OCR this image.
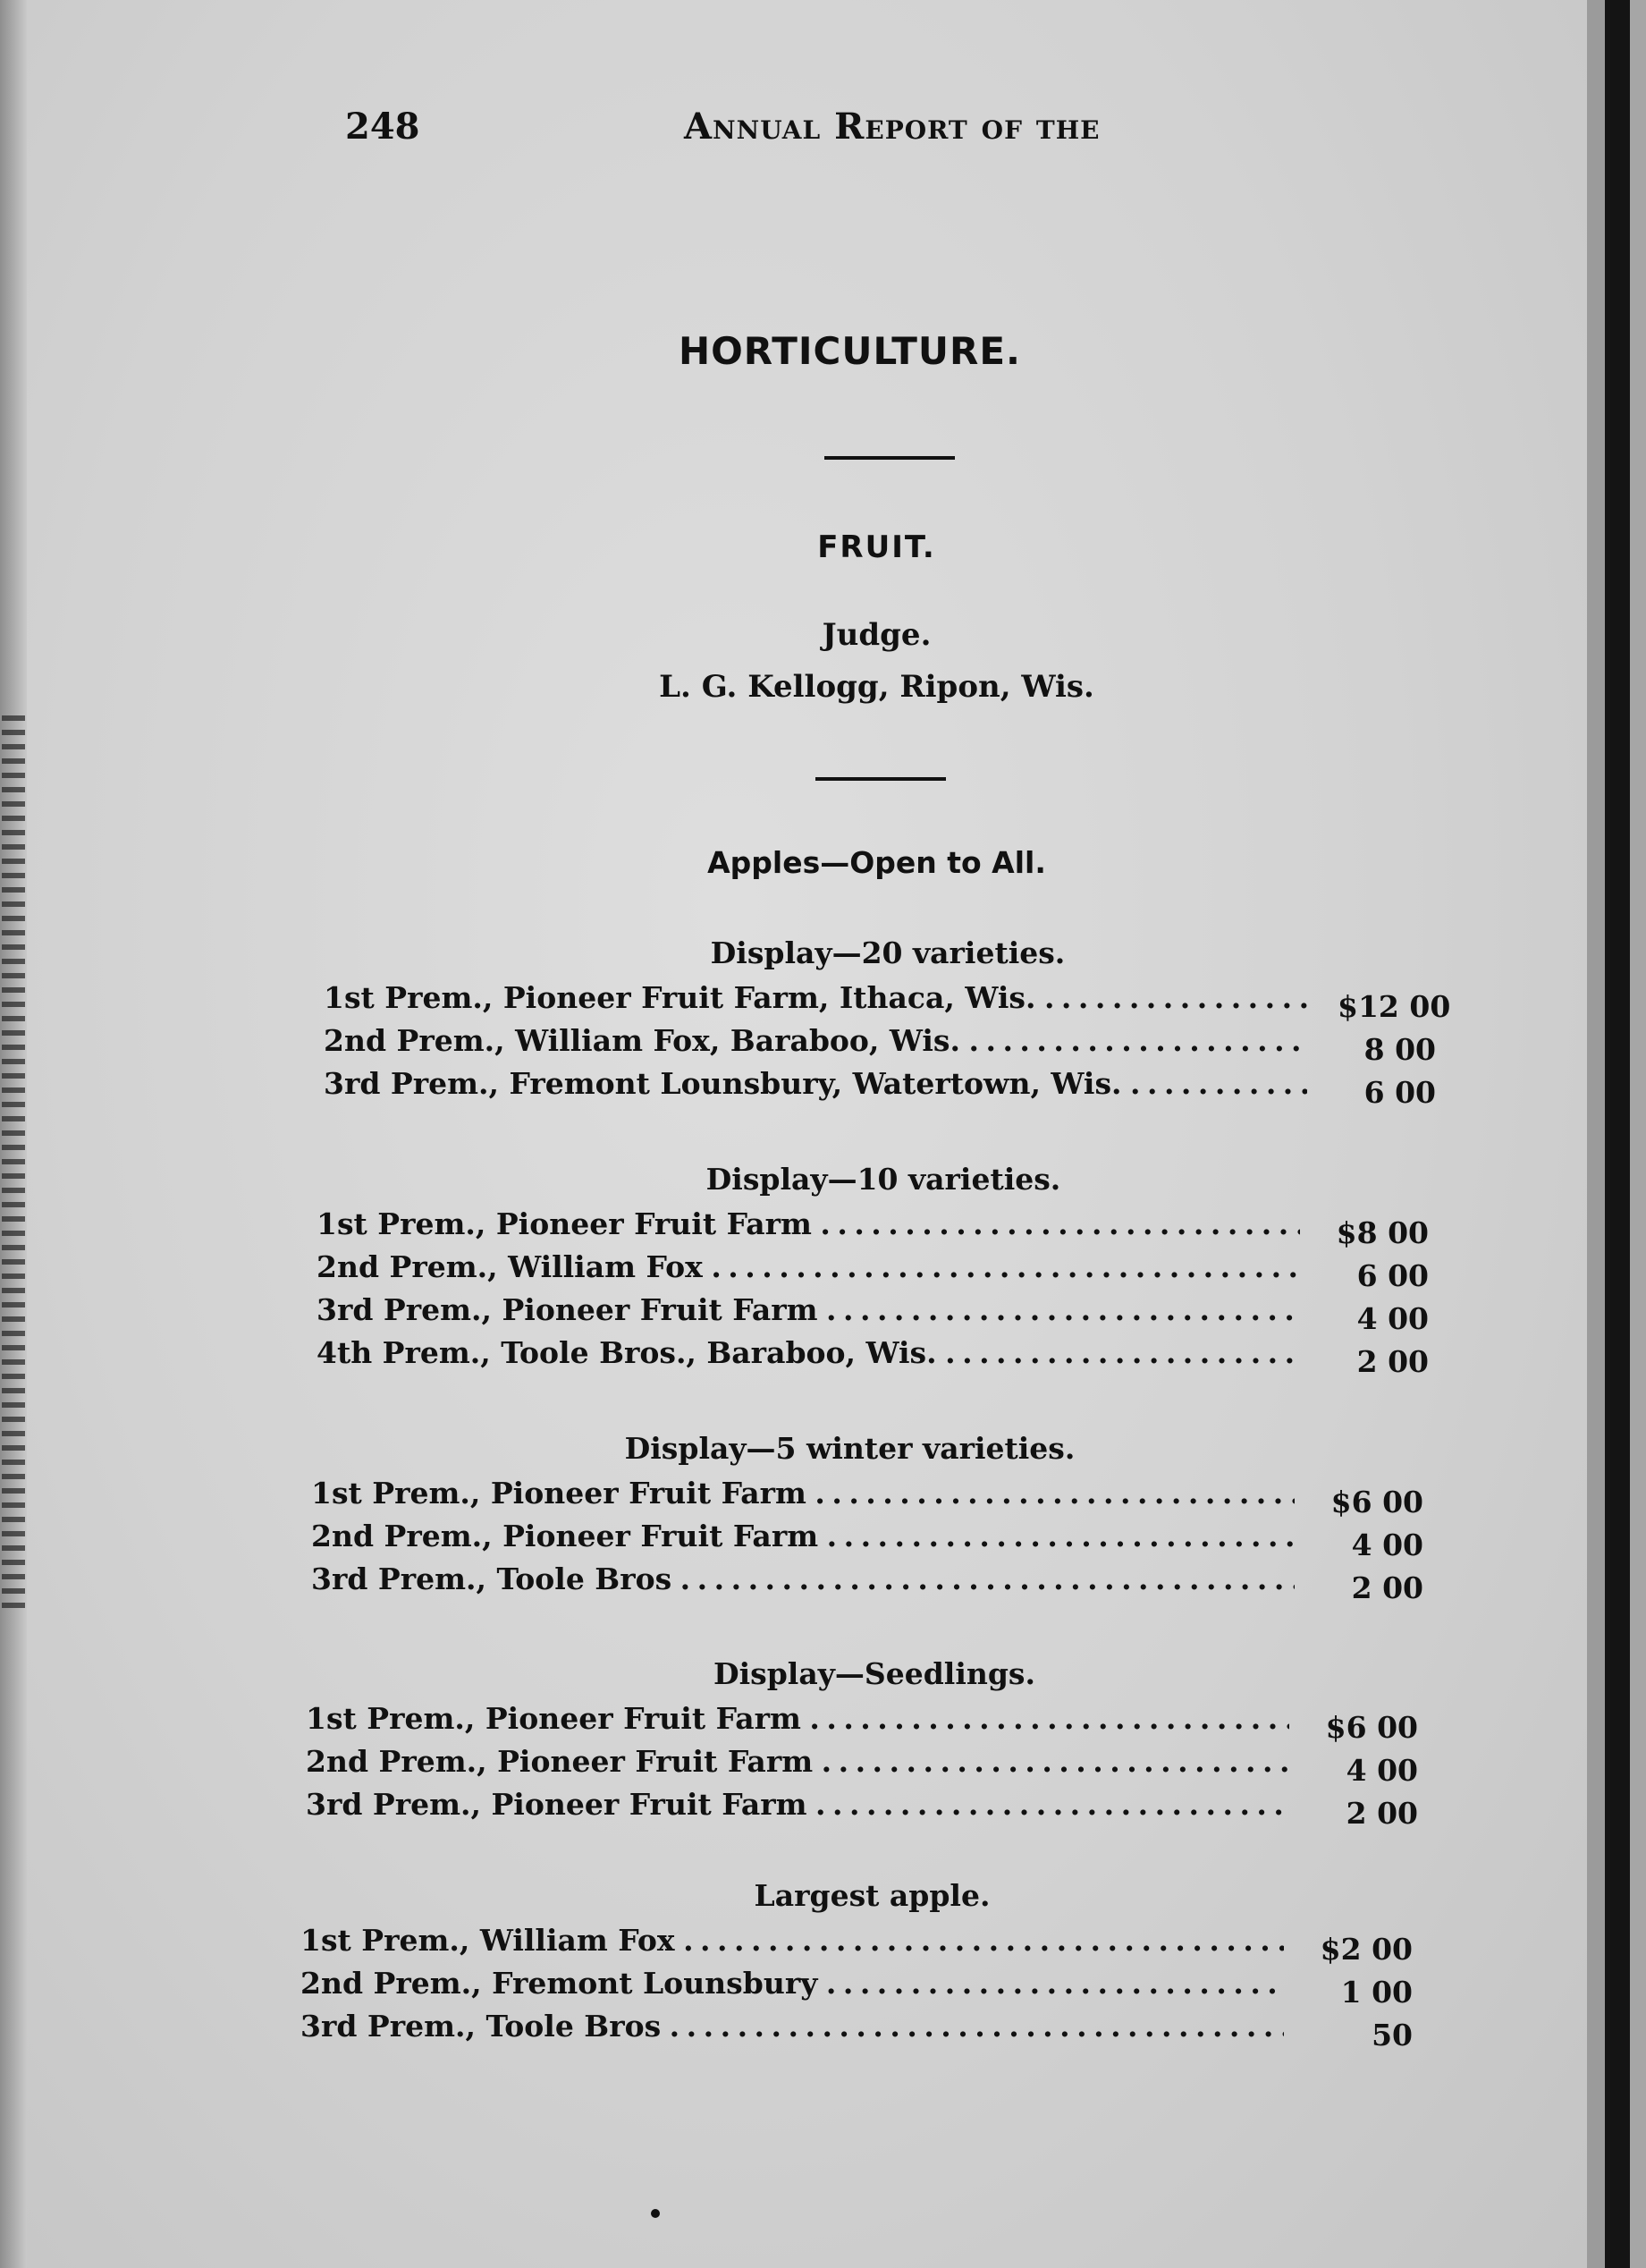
248	Annual Report of the
HORTICULTURE.
FRUIT.
Judge.
L. G. Kellogg, Ripon, Wis.
Apples—Open to All.
Display—20 varieties.
1st Prem., Pioneer Fruit Farm, Ithaca, Wis. . . .	$12 00
2nd Prem., William Fox, Baraboo, Wis. . . .	8 00
3rd Prem., Fremont Lounsbury, Watertown, Wis. . . .	6 00
Display—10 varieties.
1st Prem., Pioneer Fruit Farm . . .	$8 00
2nd Prem., William Fox . . .	6 00
3rd Prem., Pioneer Fruit Farm . . .	4 00
4th Prem., Toole Bros., Baraboo, Wis. . . .	2 00
Display—5 winter varieties.
1st Prem., Pioneer Fruit Farm . . .	$6 00
2nd Prem., Pioneer Fruit Farm . . .	4 00
3rd Prem., Toole Bros . . .	2 00
Display—Seedlings.
1st Prem., Pioneer Fruit Farm . . .	$6 00
2nd Prem., Pioneer Fruit Farm . . .	4 00
3rd Prem., Pioneer Fruit Farm . . .	2 00
Largest apple.
1st Prem., William Fox . . .	$2 00
2nd Prem., Fremont Lounsbury . . .	1 00
3rd Prem., Toole Bros . . .	50
